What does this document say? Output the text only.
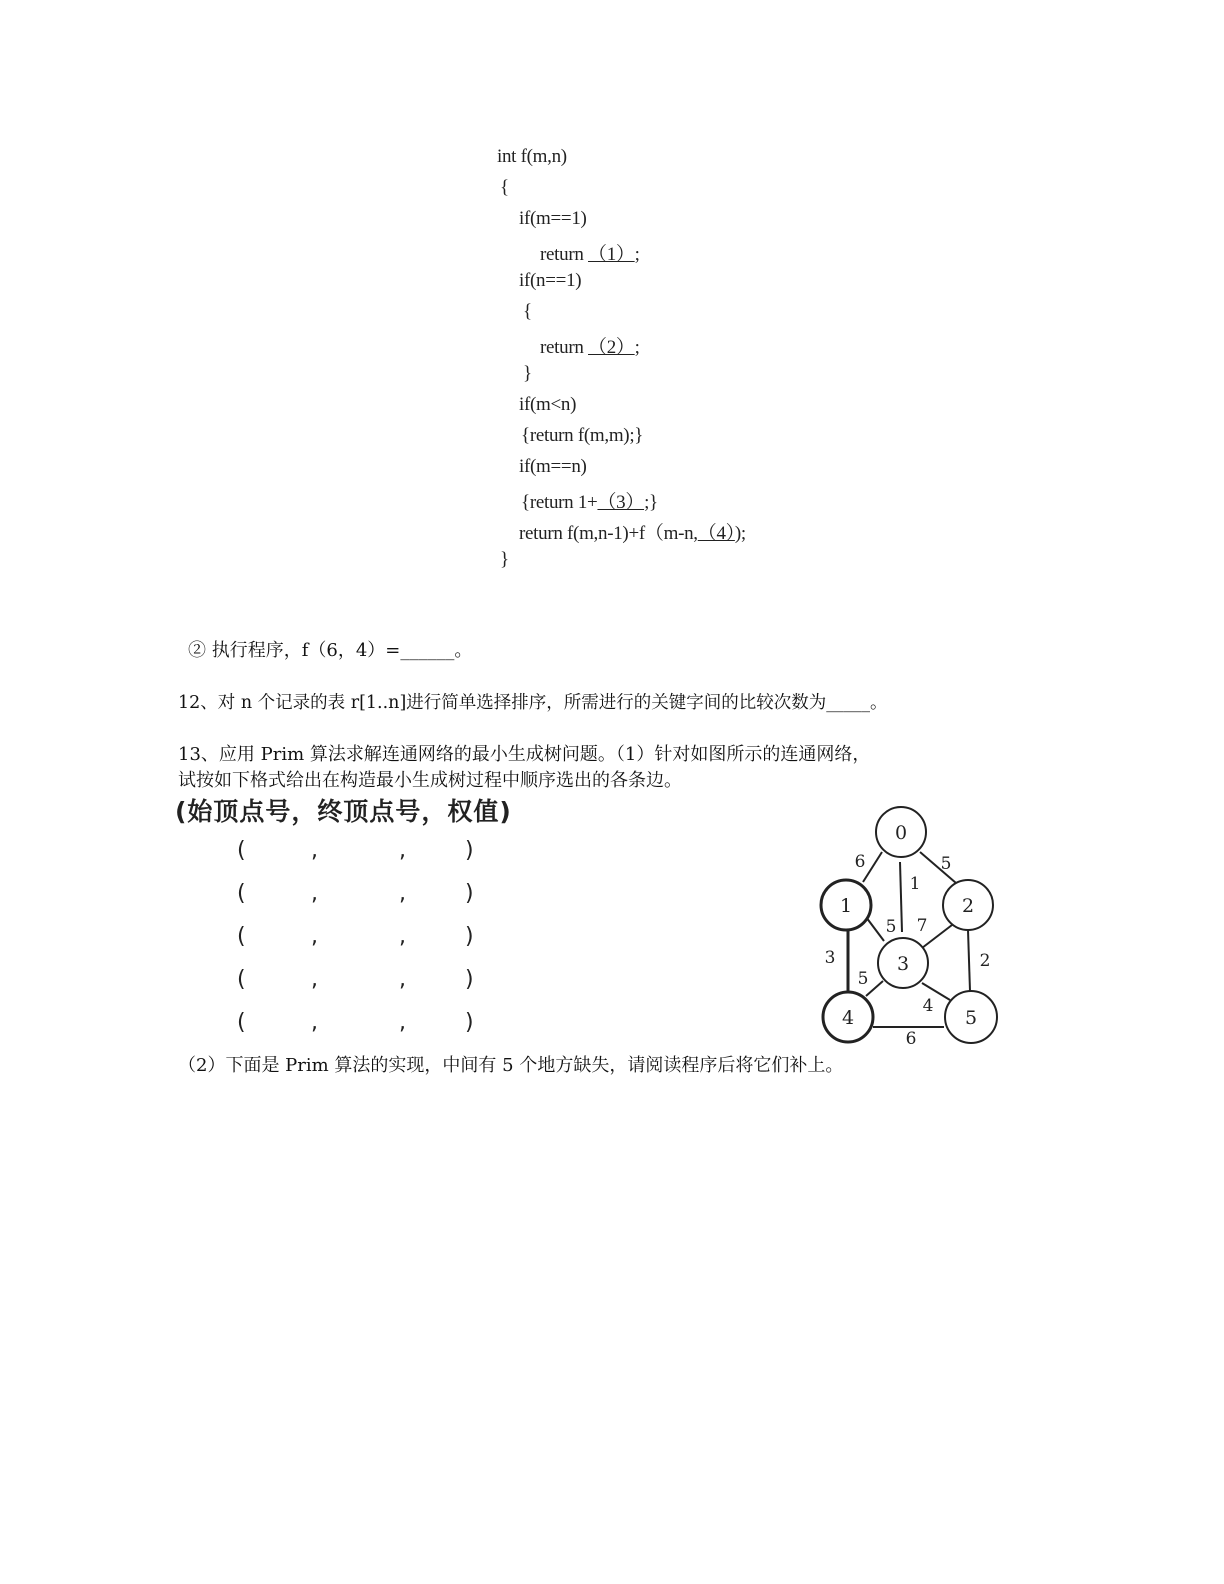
int f(m,n)
{
if(m==1)
return （1）;
if(n==1)
{
return （2）;
}
if(m<n)
{return f(m,m);}
if(m==n)
{return 1+（3）;}
return f(m,n-1)+f（m-n,（4）);
}
② 执行程序，f（6，4）=______。
12、对 n 个记录的表 r[1..n]进行简单选择排序，所需进行的关键字间的比较次数为_____。
13、应用 Prim 算法求解连通网络的最小生成树问题。（1）针对如图所示的连通网络，
试按如下格式给出在构造最小生成树过程中顺序选出的各条边。
(始顶点号，终顶点号，权值)
(	,	,	)
(	,	,	)
(	,	,	)
(	,	,	)
(	,	,	)
0
1	2
3
4	5
6	5
1
5 7
3	2
5
4
6
（2）下面是 Prim 算法的实现，中间有 5 个地方缺失，请阅读程序后将它们补上。
